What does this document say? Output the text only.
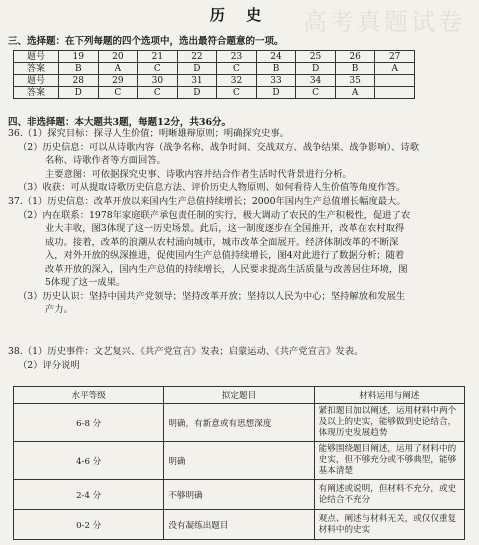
高考真题试卷
历 史
三、选择题：在下列每题的四个选项中，选出最符合题意的一项。
题号	19	20	21	22	23	24	25	26	27
答案	B	A	C	D	C	B	D	B	A
题号	28	29	30	31	32	33	34	35	
答案	D	C	C	D	C	D	C	A	
四、非选择题：本大题共3题，每题12分，共36分。
36.（1）探究目标：探寻人生价值；明晰雄辩原则；明确探究史事。
（2）历史信息：可以从诗歌内容（战争名称、战争时间、交战双方、战争结果、战争影响）、诗歌
名称、诗歌作者等方面回答。
主要意图：可依据探究史事、诗歌内容并结合作者生活时代背景进行分析。
（3）收获：可从提取诗歌历史信息方法、评价历史人物原则、如何看待人生价值等角度作答。
37.（1）历史信息：改革开放以来国内生产总值持续增长；2000年国内生产总值增长幅度最大。
（2）内在联系：1978年家庭联产承包责任制的实行，极大调动了农民的生产积极性，促进了农
业大丰收，图3体现了这一历史场景。此后，这一制度逐步在全国推开，改革在农村取得
成功。接着，改革的浪潮从农村涌向城市，城市改革全面展开。经济体制改革的不断深
入，对外开放的纵深推进，促使国内生产总值持续增长，图4对此进行了数据分析；随着
改革开放的深入，国内生产总值的持续增长，人民要求提高生活质量与改善居住环境，图
5体现了这一成果。
（3）历史认识：坚持中国共产党领导；坚持改革开放；坚持以人民为中心；坚持解放和发展生
产力。
38.（1）历史事件：文艺复兴、《共产党宣言》发表；启蒙运动、《共产党宣言》发表。
（2）评分说明
水平等级	拟定题目	材料运用与阐述
6-8 分	明确，有新意或有思想深度	紧扣题目加以阐述，运用材料中两个及以上的史实，能够做到史论结合，体现历史发展趋势
4-6 分	明确	能够围绕题目阐述，运用了材料中的史实，但不够充分或不够典型，能够基本清楚
2-4 分	不够明确	有阐述或说明，但材料不充分，或史论结合不充分
0-2 分	没有凝练出题目	观点、阐述与材料无关，或仅仅重复材料中的史实
